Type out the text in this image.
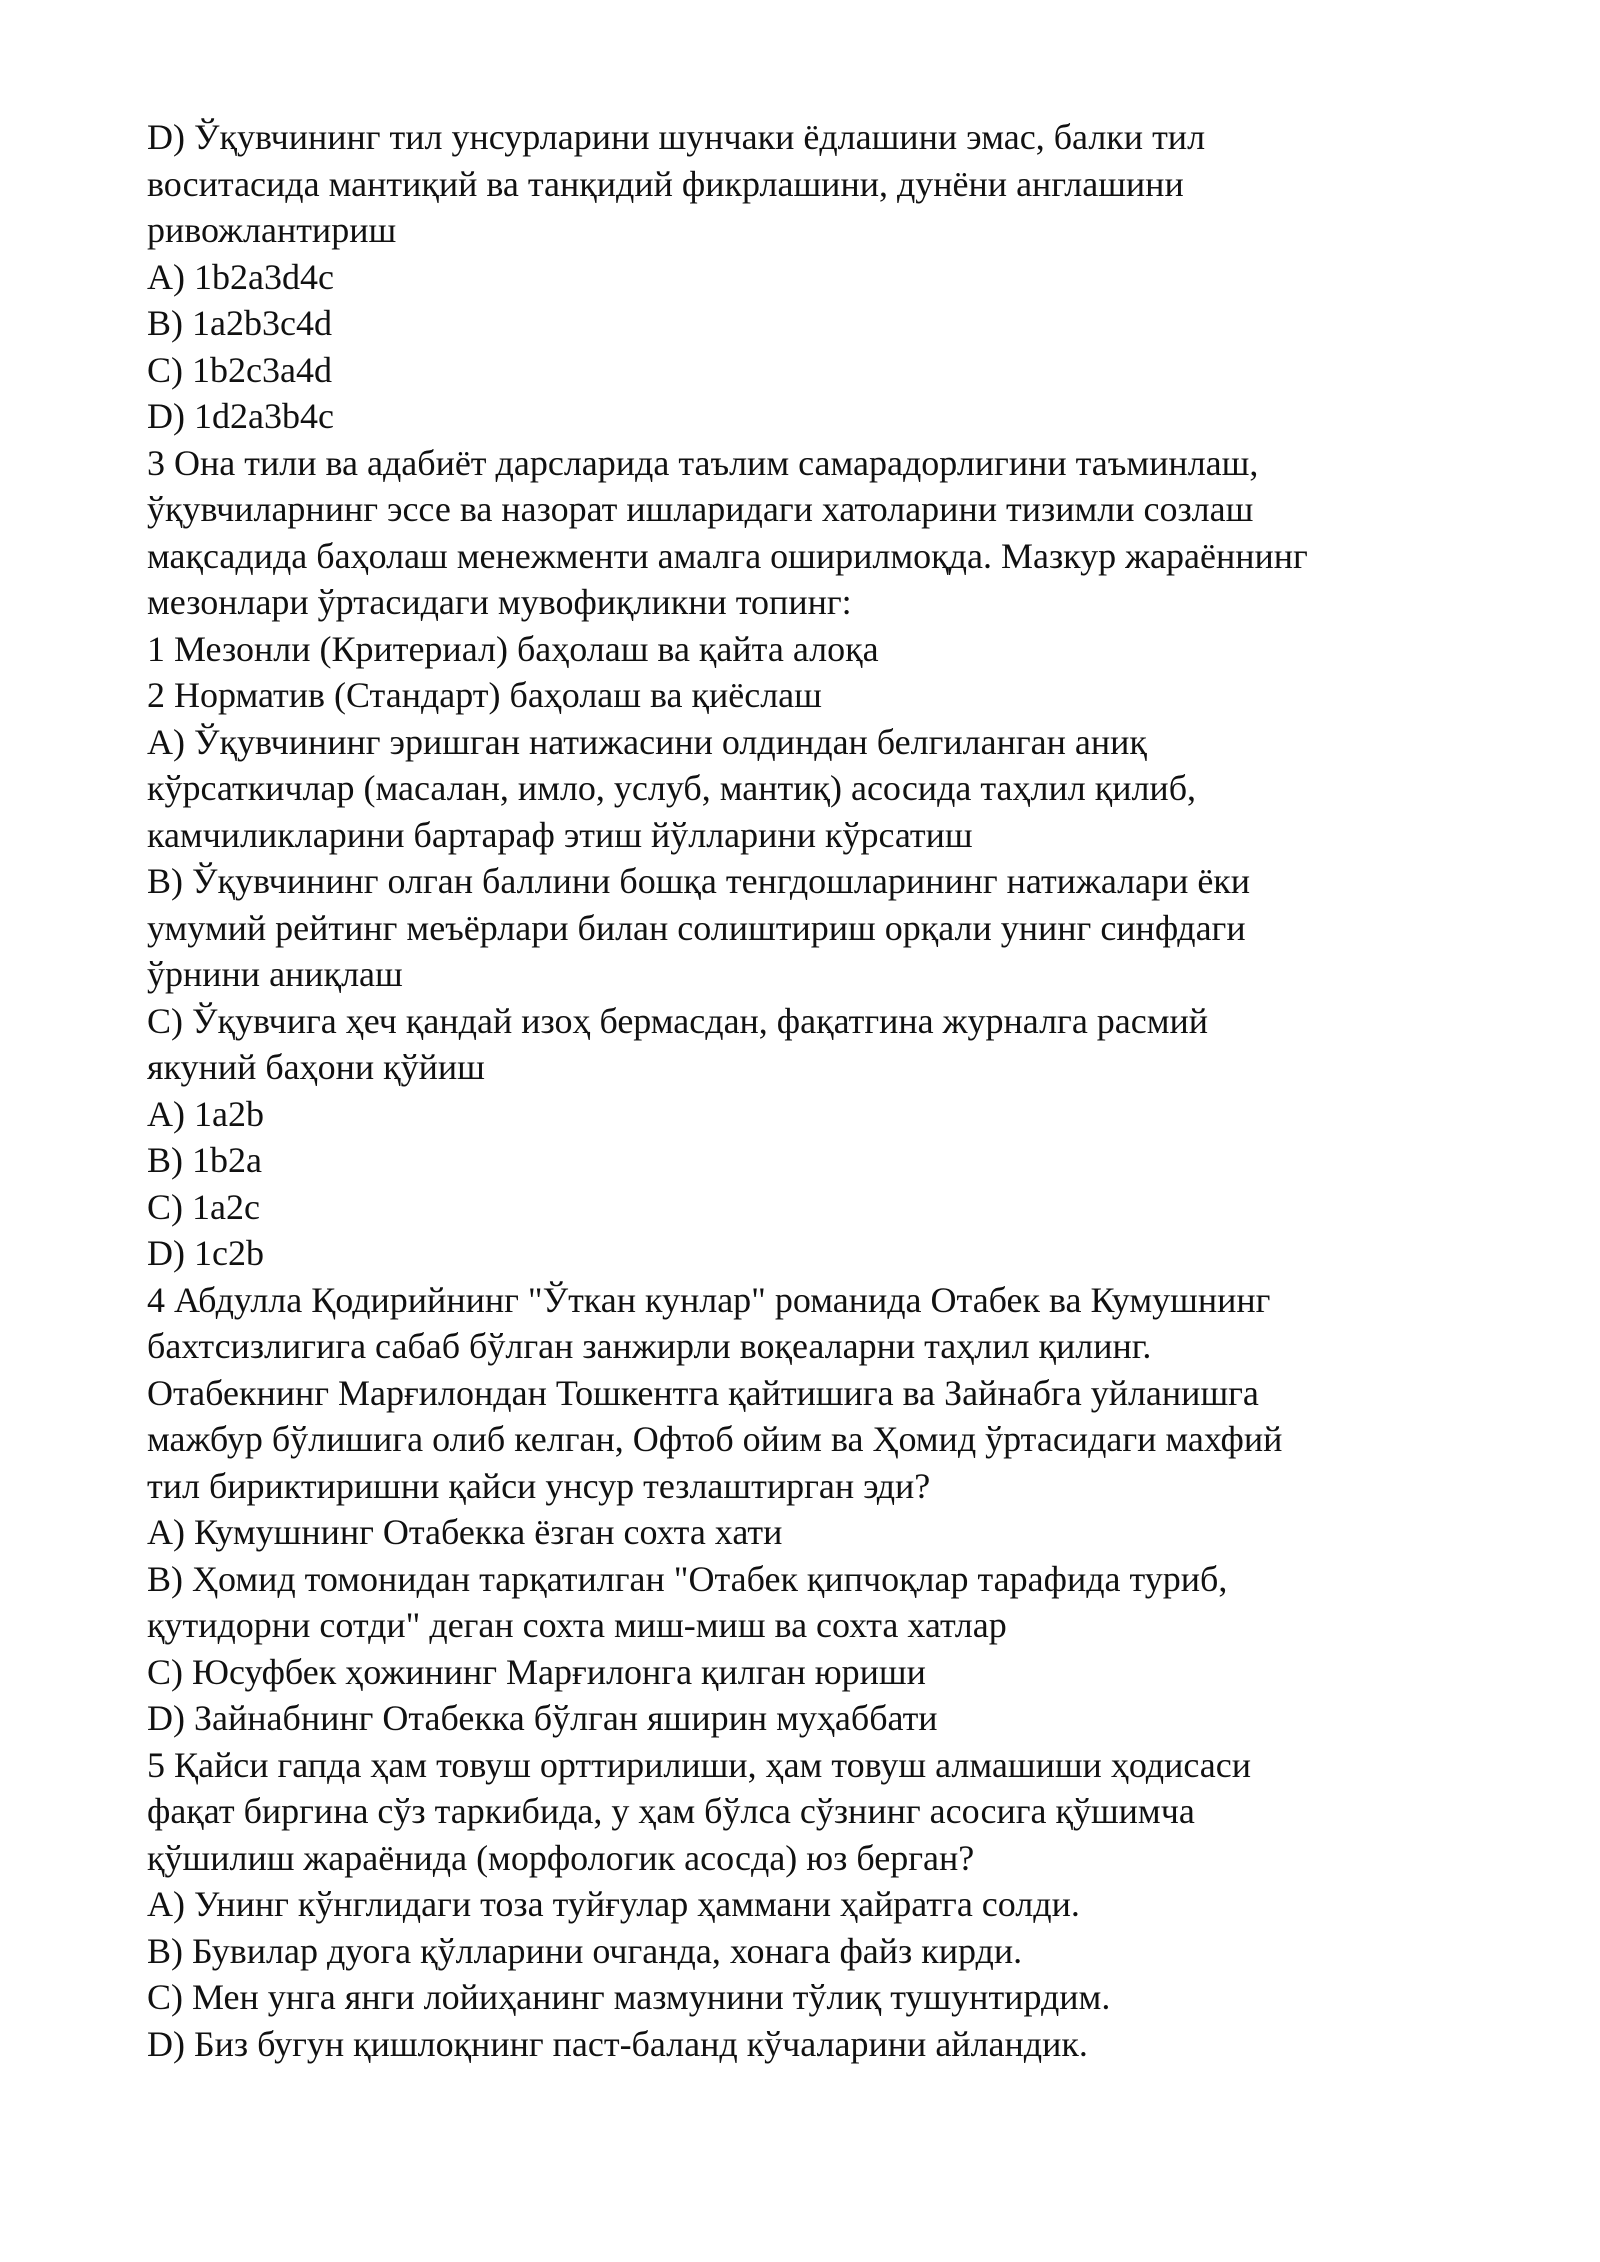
D) Ўқувчининг тил унсурларини шунчаки ёдлашини эмас, балки тил
воситасида мантиқий ва танқидий фикрлашини, дунёни англашини
ривожлантириш
A) 1b2a3d4c
B) 1a2b3c4d
C) 1b2c3a4d
D) 1d2a3b4c
3 Она тили ва адабиёт дарсларида таълим самарадорлигини таъминлаш,
ўқувчиларнинг эссе ва назорат ишларидаги хатоларини тизимли созлаш
мақсадида баҳолаш менежменти амалга оширилмоқда. Мазкур жараённинг
мезонлари ўртасидаги мувофиқликни топинг:
1 Мезонли (Критериал) баҳолаш ва қайта алоқа
2 Норматив (Стандарт) баҳолаш ва қиёслаш
A) Ўқувчининг эришган натижасини олдиндан белгиланган аниқ
кўрсаткичлар (масалан, имло, услуб, мантиқ) асосида таҳлил қилиб,
камчиликларини бартараф этиш йўлларини кўрсатиш
B) Ўқувчининг олган баллини бошқа тенгдошларининг натижалари ёки
умумий рейтинг меъёрлари билан солиштириш орқали унинг синфдаги
ўрнини аниқлаш
C) Ўқувчига ҳеч қандай изоҳ бермасдан, фақатгина журналга расмий
якуний баҳони қўйиш
A) 1a2b
B) 1b2a
C) 1a2c
D) 1c2b
4 Абдулла Қодирийнинг "Ўткан кунлар" романида Отабек ва Кумушнинг
бахтсизлигига сабаб бўлган занжирли воқеаларни таҳлил қилинг.
Отабекнинг Марғилондан Тошкентга қайтишига ва Зайнабга уйланишга
мажбур бўлишига олиб келган, Офтоб ойим ва Ҳомид ўртасидаги махфий
тил бириктиришни қайси унсур тезлаштирган эди?
A) Кумушнинг Отабекка ёзган сохта хати
B) Ҳомид томонидан тарқатилган "Отабек қипчоқлар тарафида туриб,
қутидорни сотди" деган сохта миш-миш ва сохта хатлар
C) Юсуфбек ҳожининг Марғилонга қилган юриши
D) Зайнабнинг Отабекка бўлган яширин муҳаббати
5 Қайси гапда ҳам товуш орттирилиши, ҳам товуш алмашиши ҳодисаси
фақат биргина сўз таркибида, у ҳам бўлса сўзнинг асосига қўшимча
қўшилиш жараёнида (морфологик асосда) юз берган?
A) Унинг кўнглидаги тоза туйғулар ҳаммани ҳайратга солди.
B) Бувилар дуога қўлларини очганда, хонага файз кирди.
C) Мен унга янги лойиҳанинг мазмунини тўлиқ тушунтирдим.
D) Биз бугун қишлоқнинг паст-баланд кўчаларини айландик.
